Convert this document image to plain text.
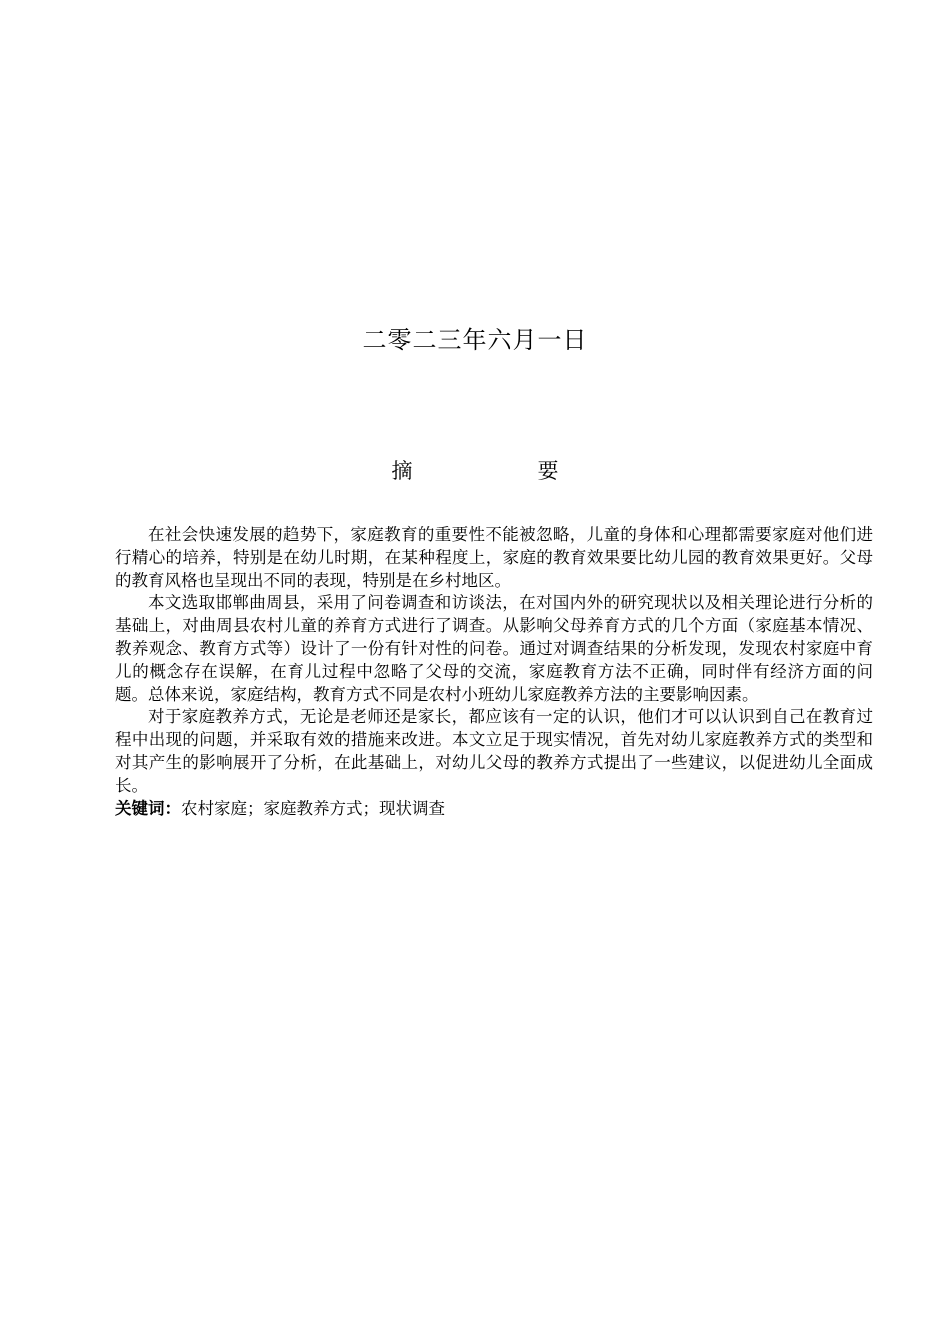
二零二三年六月一日
摘　要

在社会快速发展的趋势下，家庭教育的重要性不能被忽略，儿童的身体和心理都需要家庭对他们进行精心的培养，特别是在幼儿时期，在某种程度上，家庭的教育效果要比幼儿园的教育效果更好。父母的教育风格也呈现出不同的表现，特别是在乡村地区。

本文选取邯郸曲周县，采用了问卷调查和访谈法，在对国内外的研究现状以及相关理论进行分析的基础上，对曲周县农村儿童的养育方式进行了调查。从影响父母养育方式的几个方面（家庭基本情况、教养观念、教育方式等）设计了一份有针对性的问卷。通过对调查结果的分析发现，发现农村家庭中育儿的概念存在误解，在育儿过程中忽略了父母的交流，家庭教育方法不正确，同时伴有经济方面的问题。总体来说，家庭结构，教育方式不同是农村小班幼儿家庭教养方法的主要影响因素。

对于家庭教养方式，无论是老师还是家长，都应该有一定的认识，他们才可以认识到自己在教育过程中出现的问题，并采取有效的措施来改进。本文立足于现实情况，首先对幼儿家庭教养方式的类型和对其产生的影响展开了分析，在此基础上，对幼儿父母的教养方式提出了一些建议，以促进幼儿全面成长。

关键词：农村家庭；家庭教养方式；现状调查
